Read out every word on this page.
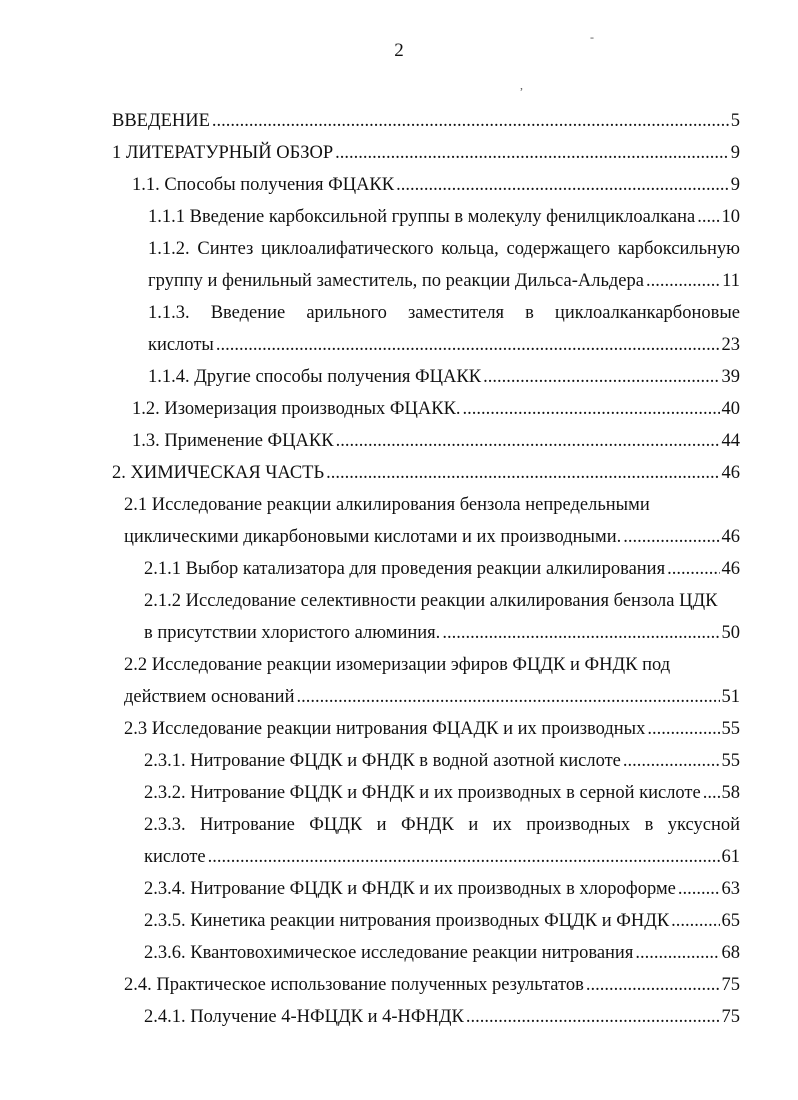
2
-
,
ВВЕДЕНИЕ .....	5
1 ЛИТЕРАТУРНЫЙ ОБЗОР .....	9
1.1. Способы получения ФЦАКК .....	9
1.1.1 Введение карбоксильной группы в молекулу фенилциклоалкана ..... 10
1.1.2. Синтез циклоалифатического кольца, содержащего карбоксильную
группу и фенильный заместитель, по реакции Дильса-Альдера .....	11
1.1.3. Введение арильного заместителя в циклоалканкарбоновые
кислоты .....	23
1.1.4. Другие способы получения ФЦАКК .....	39
1.2. Изомеризация производных ФЦАКК. .....	40
1.3. Применение ФЦАКК .....	44
2. ХИМИЧЕСКАЯ ЧАСТЬ .....	46
2.1 Исследование реакции алкилирования бензола непредельными
циклическими дикарбоновыми кислотами и их производными. .....	46
2.1.1 Выбор катализатора для проведения реакции алкилирования .....	46
2.1.2 Исследование селективности реакции алкилирования бензола ЦДК
в присутствии хлористого алюминия. .....	50
2.2 Исследование реакции изомеризации эфиров ФЦДК и ФНДК под
действием оснований .....	51
2.3 Исследование реакции нитрования ФЦАДК и их производных .....	55
2.3.1. Нитрование ФЦДК и ФНДК в водной азотной кислоте .....	55
2.3.2. Нитрование ФЦДК и ФНДК и их производных в серной кислоте ..... 58
2.3.3. Нитрование ФЦДК и ФНДК и их производных в уксусной
кислоте .....	61
2.3.4. Нитрование ФЦДК и ФНДК и их производных в хлороформе ..... 63
2.3.5. Кинетика реакции нитрования производных ФЦДК и ФНДК .....	65
2.3.6. Квантовохимическое исследование реакции нитрования .....	68
2.4. Практическое использование полученных результатов .....	75
2.4.1. Получение 4-НФЦДК и 4-НФНДК .....	75
